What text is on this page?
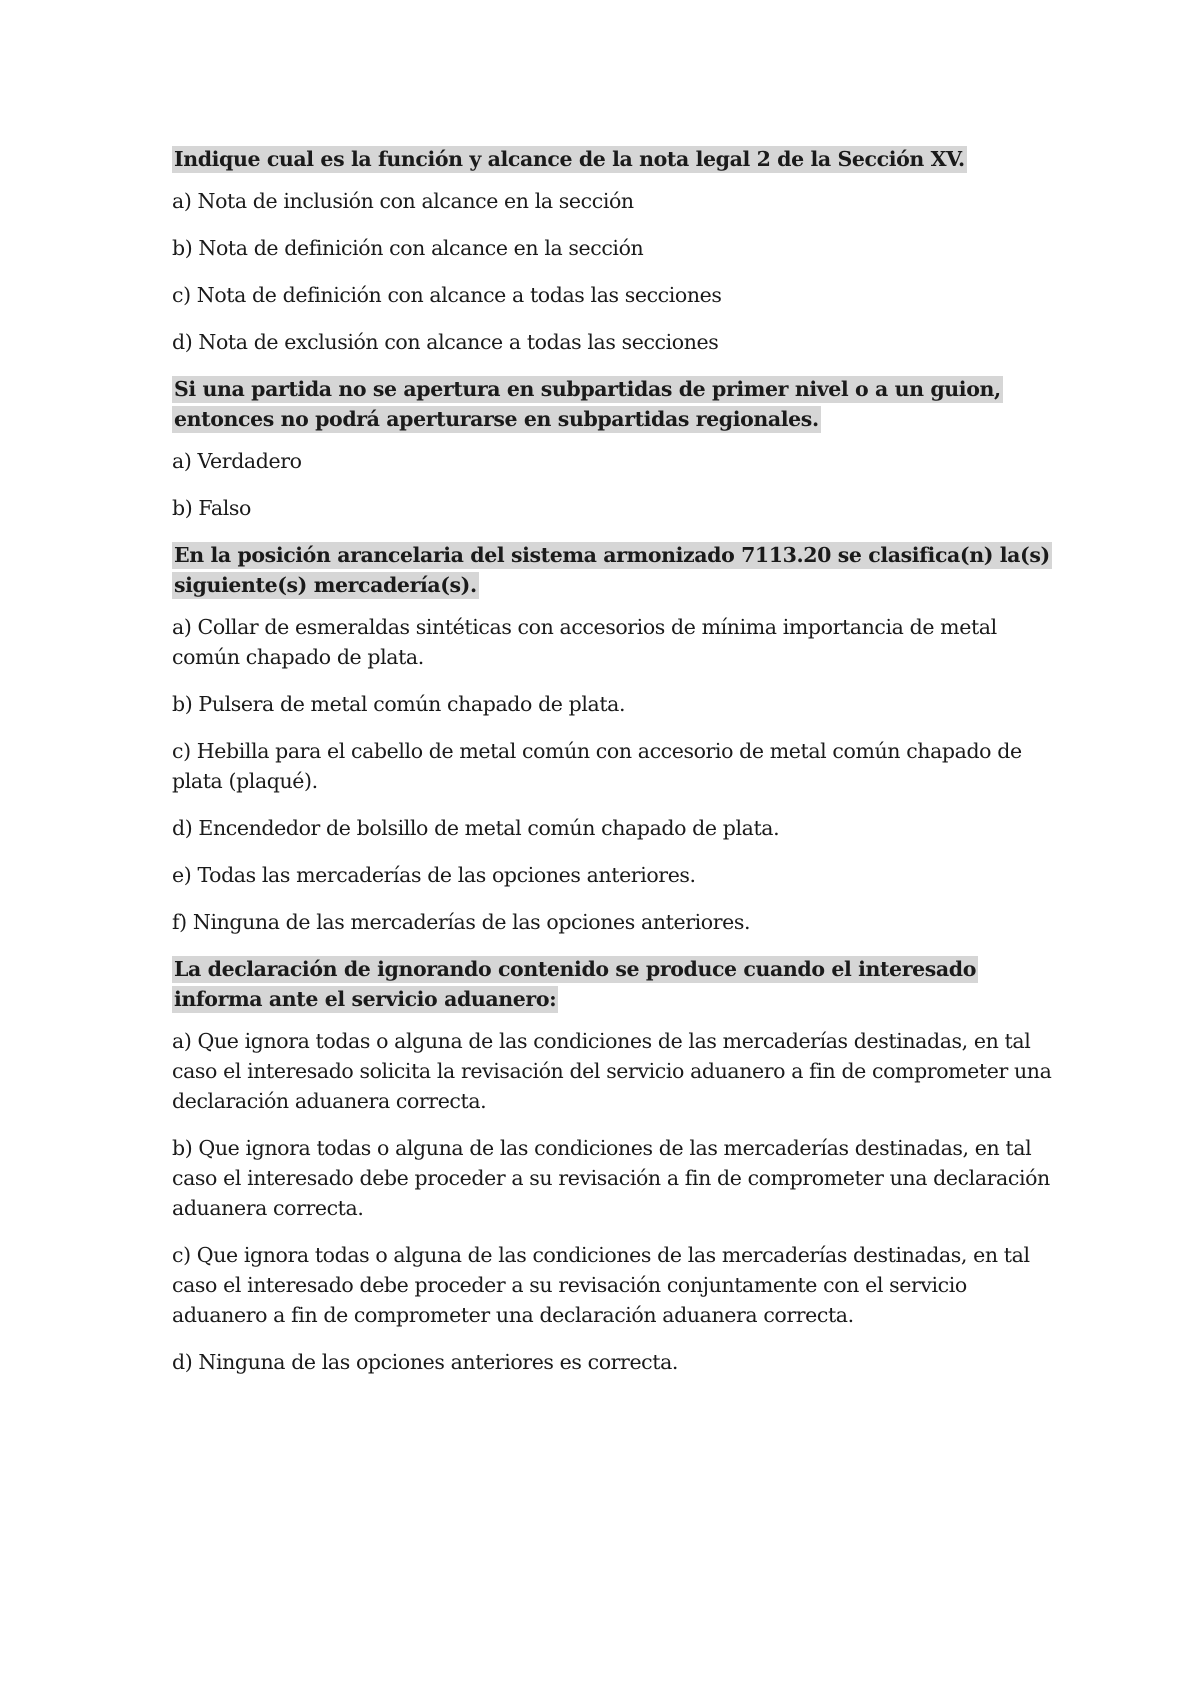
Indique cual es la función y alcance de la nota legal 2 de la Sección XV.

a) Nota de inclusión con alcance en la sección

b) Nota de definición con alcance en la sección

c) Nota de definición con alcance a todas las secciones

d) Nota de exclusión con alcance a todas las secciones

Si una partida no se apertura en subpartidas de primer nivel o a un guion, entonces no podrá aperturarse en subpartidas regionales.

a) Verdadero

b) Falso

En la posición arancelaria del sistema armonizado 7113.20 se clasifica(n) la(s) siguiente(s) mercadería(s).

a) Collar de esmeraldas sintéticas con accesorios de mínima importancia de metal común chapado de plata.

b) Pulsera de metal común chapado de plata.

c) Hebilla para el cabello de metal común con accesorio de metal común chapado de plata (plaqué).

d) Encendedor de bolsillo de metal común chapado de plata.

e) Todas las mercaderías de las opciones anteriores.

f) Ninguna de las mercaderías de las opciones anteriores.

La declaración de ignorando contenido se produce cuando el interesado informa ante el servicio aduanero:

a) Que ignora todas o alguna de las condiciones de las mercaderías destinadas, en tal caso el interesado solicita la revisación del servicio aduanero a fin de comprometer una declaración aduanera correcta.

b) Que ignora todas o alguna de las condiciones de las mercaderías destinadas, en tal caso el interesado debe proceder a su revisación a fin de comprometer una declaración aduanera correcta.

c) Que ignora todas o alguna de las condiciones de las mercaderías destinadas, en tal caso el interesado debe proceder a su revisación conjuntamente con el servicio aduanero a fin de comprometer una declaración aduanera correcta.

d) Ninguna de las opciones anteriores es correcta.
